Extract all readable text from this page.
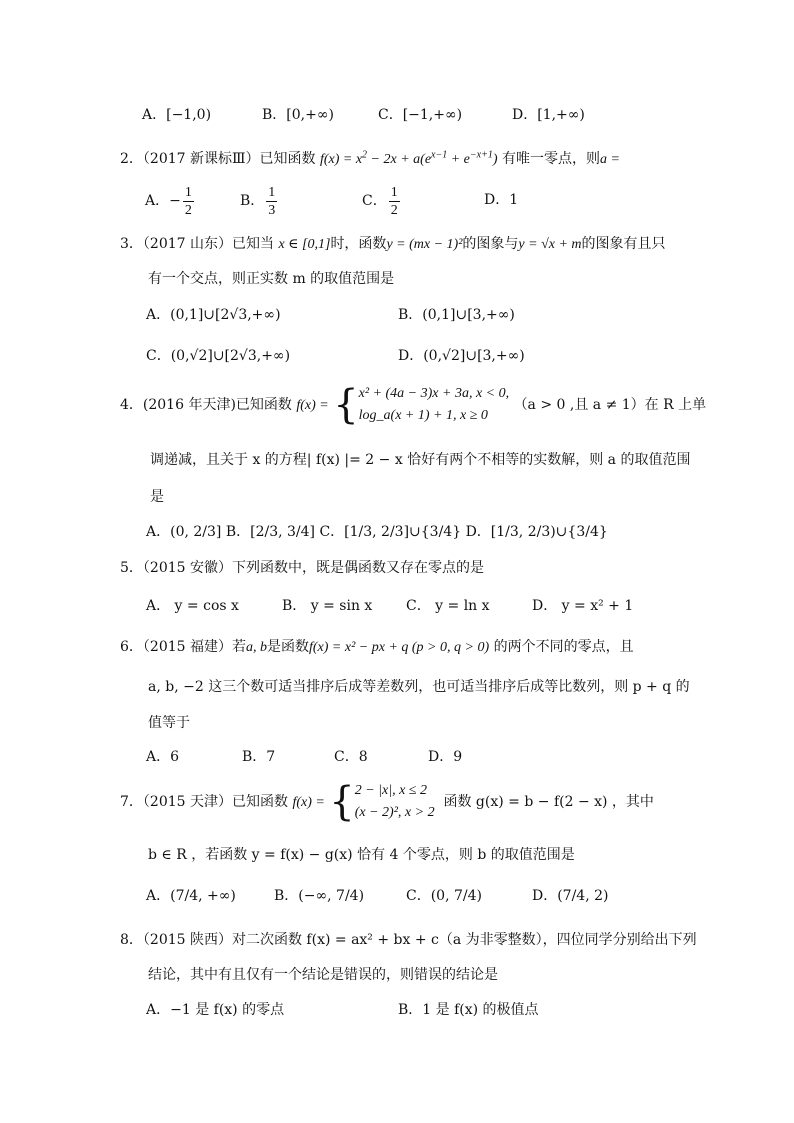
A．[−1,0)	B．[0,+∞)	C．[−1,+∞)	D．[1,+∞)
2．（2017 新课标Ⅲ）已知函数 $f(x) = x^2 - 2x + a(e^{x-1} + e^{-x+1})$ 有唯一零点，则a =
A．− $\frac{1}{2}$	B． $\frac{1}{3}$	C． $\frac{1}{2}$	D．1
3．（2017 山东）已知当 x ∈ [0,1]时，函数y = (mx − 1)²的图象与y = √x + m的图象有且只
有一个交点，则正实数 m 的取值范围是
A．(0,1]∪[2√3,+∞)	B．(0,1]∪[3,+∞)
C．(0,√2]∪[2√3,+∞)	D．(0,√2]∪[3,+∞)
4．(2016 年天津)已知函数 f(x) = { x² + (4a − 3)x + 3a, x < 0,
log_a(x + 1) + 1, x ≥ 0
（a > 0 ,且 a ≠ 1）在 R 上单
调递减，且关于 x 的方程| f(x) |= 2 − x 恰好有两个不相等的实数解，则 a 的取值范围
是
A．(0, 2/3] B．[2/3, 3/4] C．[1/3, 2/3]∪{3/4} D．[1/3, 2/3)∪{3/4}
5．（2015 安徽）下列函数中，既是偶函数又存在零点的是
A． y = cos x	B． y = sin x C． y = ln x	D． y = x² + 1
6．（2015 福建）若a, b是函数f(x) = x² − px + q (p > 0, q > 0) 的两个不同的零点，且
a, b, −2 这三个数可适当排序后成等差数列，也可适当排序后成等比数列，则 p + q 的
值等于
A．6	B．7	C．8	D．9
7．（2015 天津）已知函数 f(x) = { 2 − |x|, x ≤ 2
(x − 2)², x > 2
函数 g(x) = b − f(2 − x) ，其中
b ∈ R ，若函数 y = f(x) − g(x) 恰有 4 个零点，则 b 的取值范围是
A．(7/4, +∞)	B．(−∞, 7/4)	C．(0, 7/4)	D．(7/4, 2)
8．（2015 陕西）对二次函数 f(x) = ax² + bx + c（a 为非零整数），四位同学分别给出下列
结论，其中有且仅有一个结论是错误的，则错误的结论是
A．−1 是 f(x) 的零点	B．1 是 f(x) 的极值点
